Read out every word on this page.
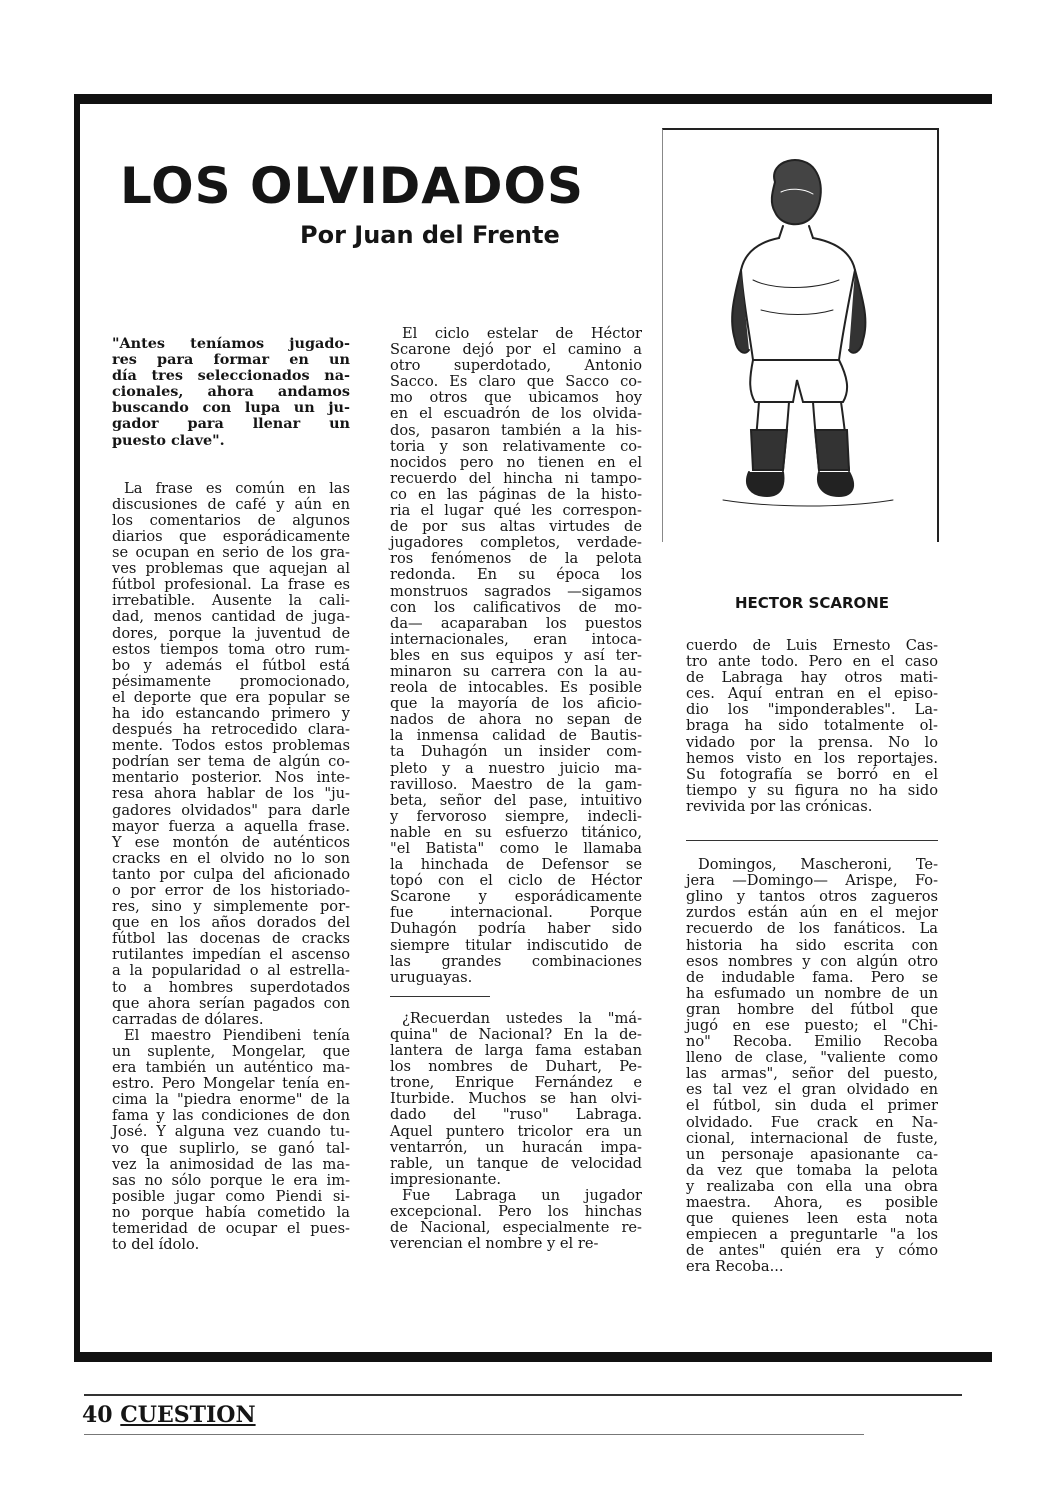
LOS OLVIDADOS
Por Juan del Frente
"Antes teníamos jugado-
res para formar en un
día tres seleccionados na-
cionales, ahora andamos
buscando con lupa un ju-
gador para llenar un
puesto clave".
La frase es común en las
discusiones de café y aún en
los comentarios de algunos
diarios que esporádicamente
se ocupan en serio de los gra-
ves problemas que aquejan al
fútbol profesional. La frase es
irrebatible. Ausente la cali-
dad, menos cantidad de juga-
dores, porque la juventud de
estos tiempos toma otro rum-
bo y además el fútbol está
pésimamente promocionado,
el deporte que era popular se
ha ido estancando primero y
después ha retrocedido clara-
mente. Todos estos problemas
podrían ser tema de algún co-
mentario posterior. Nos inte-
resa ahora hablar de los "ju-
gadores olvidados" para darle
mayor fuerza a aquella frase.
Y ese montón de auténticos
cracks en el olvido no lo son
tanto por culpa del aficionado
o por error de los historiado-
res, sino y simplemente por-
que en los años dorados del
fútbol las docenas de cracks
rutilantes impedían el ascenso
a la popularidad o al estrella-
to a hombres superdotados
que ahora serían pagados con
carradas de dólares.
El maestro Piendibeni tenía
un suplente, Mongelar, que
era también un auténtico ma-
estro. Pero Mongelar tenía en-
cima la "piedra enorme" de la
fama y las condiciones de don
José. Y alguna vez cuando tu-
vo que suplirlo, se ganó tal-
vez la animosidad de las ma-
sas no sólo porque le era im-
posible jugar como Piendi si-
no porque había cometido la
temeridad de ocupar el pues-
to del ídolo.
El ciclo estelar de Héctor
Scarone dejó por el camino a
otro superdotado, Antonio
Sacco. Es claro que Sacco co-
mo otros que ubicamos hoy
en el escuadrón de los olvida-
dos, pasaron también a la his-
toria y son relativamente co-
nocidos pero no tienen en el
recuerdo del hincha ni tampo-
co en las páginas de la histo-
ria el lugar qué les correspon-
de por sus altas virtudes de
jugadores completos, verdade-
ros fenómenos de la pelota
redonda. En su época los
monstruos sagrados —sigamos
con los calificativos de mo-
da— acaparaban los puestos
internacionales, eran intoca-
bles en sus equipos y así ter-
minaron su carrera con la au-
reola de intocables. Es posible
que la mayoría de los aficio-
nados de ahora no sepan de
la inmensa calidad de Bautis-
ta Duhagón un insider com-
pleto y a nuestro juicio ma-
ravilloso. Maestro de la gam-
beta, señor del pase, intuitivo
y fervoroso siempre, indecli-
nable en su esfuerzo titánico,
"el Batista" como le llamaba
la hinchada de Defensor se
topó con el ciclo de Héctor
Scarone y esporádicamente
fue internacional. Porque
Duhagón podría haber sido
siempre titular indiscutido de
las grandes combinaciones
uruguayas.
¿Recuerdan ustedes la "má-
quina" de Nacional? En la de-
lantera de larga fama estaban
los nombres de Duhart, Pe-
trone, Enrique Fernández e
Iturbide. Muchos se han olvi-
dado del "ruso" Labraga.
Aquel puntero tricolor era un
ventarrón, un huracán impa-
rable, un tanque de velocidad
impresionante.
Fue Labraga un jugador
excepcional. Pero los hinchas
de Nacional, especialmente re-
verencian el nombre y el re-

HECTOR SCARONE

cuerdo de Luis Ernesto Cas-
tro ante todo. Pero en el caso
de Labraga hay otros mati-
ces. Aquí entran en el episo-
dio los "imponderables". La-
braga ha sido totalmente ol-
vidado por la prensa. No lo
hemos visto en los reportajes.
Su fotografía se borró en el
tiempo y su figura no ha sido
revivida por las crónicas.
Domingos, Mascheroni, Te-
jera —Domingo— Arispe, Fo-
glino y tantos otros zagueros
zurdos están aún en el mejor
recuerdo de los fanáticos. La
historia ha sido escrita con
esos nombres y con algún otro
de indudable fama. Pero se
ha esfumado un nombre de un
gran hombre del fútbol que
jugó en ese puesto; el "Chi-
no" Recoba. Emilio Recoba
lleno de clase, "valiente como
las armas", señor del puesto,
es tal vez el gran olvidado en
el fútbol, sin duda el primer
olvidado. Fue crack en Na-
cional, internacional de fuste,
un personaje apasionante ca-
da vez que tomaba la pelota
y realizaba con ella una obra
maestra. Ahora, es posible
que quienes leen esta nota
empiecen a preguntarle "a los
de antes" quién era y cómo
era Recoba...

40 CUESTION
